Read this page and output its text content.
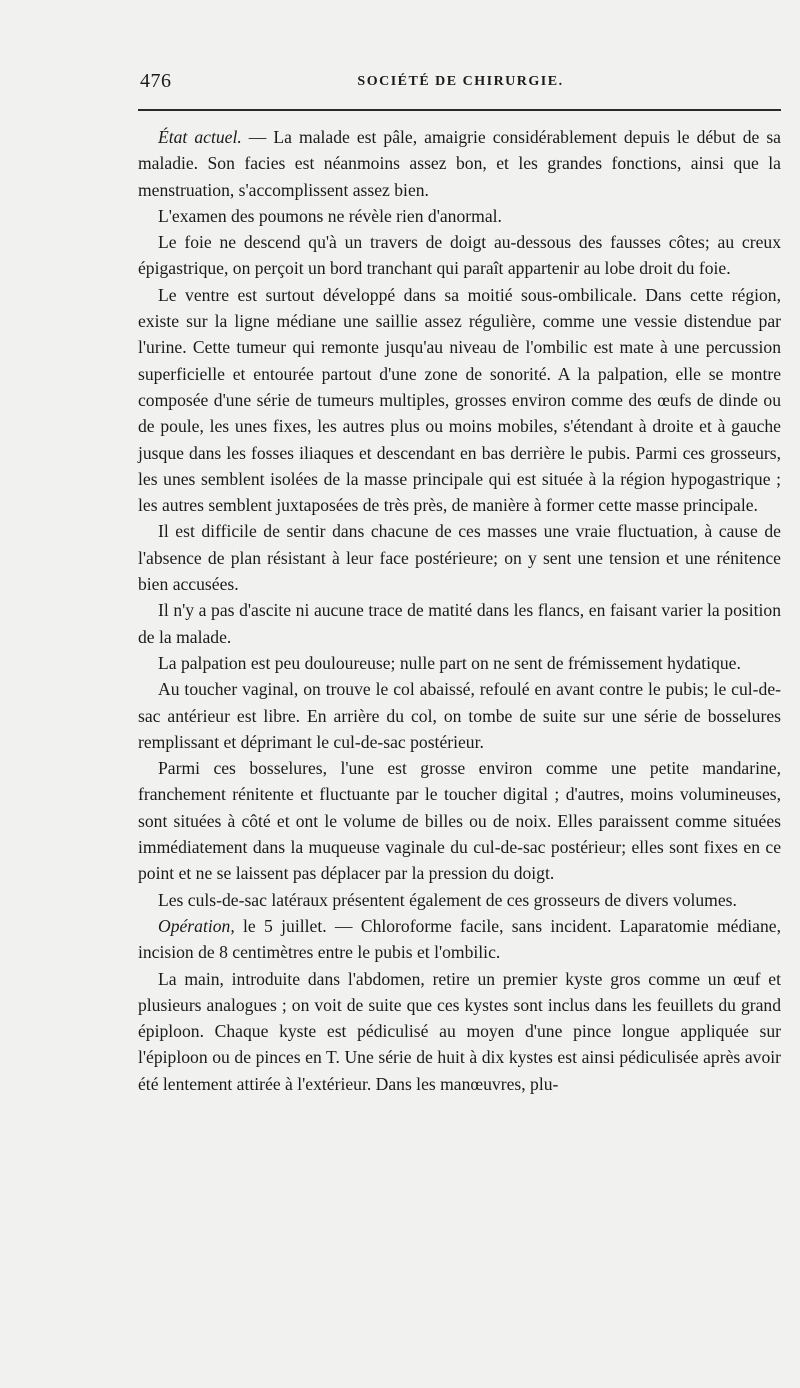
476	SOCIÉTÉ DE CHIRURGIE.

État actuel. — La malade est pâle, amaigrie considérablement depuis le début de sa maladie. Son facies est néanmoins assez bon, et les grandes fonctions, ainsi que la menstruation, s'accomplissent assez bien.

L'examen des poumons ne révèle rien d'anormal.

Le foie ne descend qu'à un travers de doigt au-dessous des fausses côtes; au creux épigastrique, on perçoit un bord tranchant qui paraît appartenir au lobe droit du foie.

Le ventre est surtout développé dans sa moitié sous-ombilicale. Dans cette région, existe sur la ligne médiane une saillie assez régulière, comme une vessie distendue par l'urine. Cette tumeur qui remonte jusqu'au niveau de l'ombilic est mate à une percussion superficielle et entourée partout d'une zone de sonorité. A la palpation, elle se montre composée d'une série de tumeurs multiples, grosses environ comme des œufs de dinde ou de poule, les unes fixes, les autres plus ou moins mobiles, s'étendant à droite et à gauche jusque dans les fosses iliaques et descendant en bas derrière le pubis. Parmi ces grosseurs, les unes semblent isolées de la masse principale qui est située à la région hypogastrique ; les autres semblent juxtaposées de très près, de manière à former cette masse principale.

Il est difficile de sentir dans chacune de ces masses une vraie fluctuation, à cause de l'absence de plan résistant à leur face postérieure; on y sent une tension et une rénitence bien accusées.

Il n'y a pas d'ascite ni aucune trace de matité dans les flancs, en faisant varier la position de la malade.

La palpation est peu douloureuse; nulle part on ne sent de frémissement hydatique.

Au toucher vaginal, on trouve le col abaissé, refoulé en avant contre le pubis; le cul-de-sac antérieur est libre. En arrière du col, on tombe de suite sur une série de bosselures remplissant et déprimant le cul-de-sac postérieur.

Parmi ces bosselures, l'une est grosse environ comme une petite mandarine, franchement rénitente et fluctuante par le toucher digital ; d'autres, moins volumineuses, sont situées à côté et ont le volume de billes ou de noix. Elles paraissent comme situées immédiatement dans la muqueuse vaginale du cul-de-sac postérieur; elles sont fixes en ce point et ne se laissent pas déplacer par la pression du doigt.

Les culs-de-sac latéraux présentent également de ces grosseurs de divers volumes.

Opération, le 5 juillet. — Chloroforme facile, sans incident. Laparatomie médiane, incision de 8 centimètres entre le pubis et l'ombilic.

La main, introduite dans l'abdomen, retire un premier kyste gros comme un œuf et plusieurs analogues ; on voit de suite que ces kystes sont inclus dans les feuillets du grand épiploon. Chaque kyste est pédiculisé au moyen d'une pince longue appliquée sur l'épiploon ou de pinces en T. Une série de huit à dix kystes est ainsi pédiculisée après avoir été lentement attirée à l'extérieur. Dans les manœuvres, plu-
